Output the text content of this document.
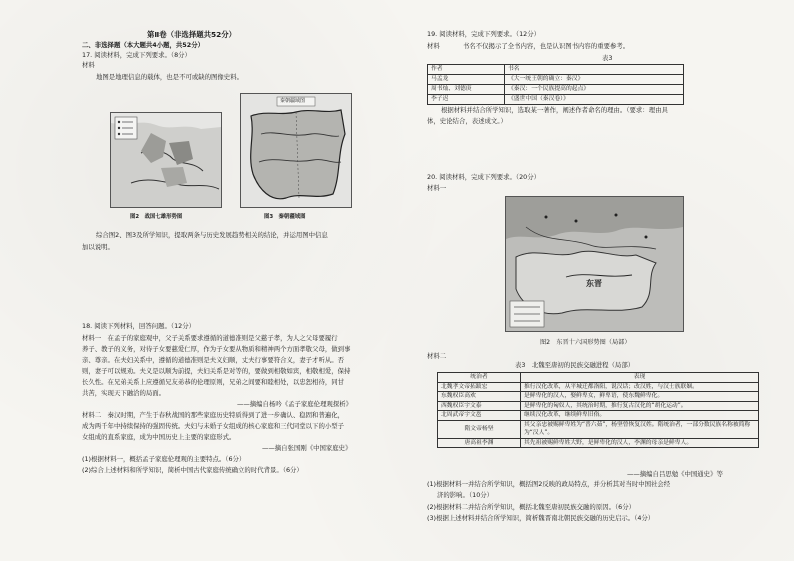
第Ⅱ卷（非选择题共52分）
二、非选择题（本大题共4小题，共52分）
17. 阅读材料，完成下列要求。（8分）
材料
地图是地理信息的载体，也是不可或缺的图像史料。
图2　战国七雄形势图
秦朝疆域图
图3　秦朝疆域图
综合图2、图3及所学知识，提取两条与历史发展趋势相关的结论，并运用图中信息
加以说明。
18. 阅读下列材料，回答问题。（12分）
材料一　在孟子的家庭观中，父子关系要求遵循的道德准则是父慈子孝，为人之父母要履行
养子、教子的义务，对待子女要慈爱仁厚，作为子女要从物质和精神两个方面孝敬父母，做到事
亲、尊亲。在夫妇关系中，遵循的道德准则是夫义妇顺，丈夫行事要符合义，妻子才听从。否
则，妻子可以规劝。夫义是以顺为前提，夫妇关系是对等的，要做到相敬如宾，相敬相爱，保持
长久性。在兄弟关系上应遵循兄友弟恭的伦理原则，兄弟之间要和睦相处，以忠恕相待，同甘
共苦，实现天下融洽的局面。
——摘编自杨吟《孟子家庭伦理观探析》
材料二　秦汉时期，产生于春秋战国的那些家庭历史特质得到了进一步确认、稳固和普遍化，
成为两千年中持续保持的强固传统。夫妇与未婚子女组成的核心家庭和三代同堂以下的小型子
女组成的直系家庭，成为中国历史上主要的家庭形式。
——摘自张国刚《中国家庭史》
(1)根据材料一，概括孟子家庭伦理观的主要特点。（6分）
(2)综合上述材料和所学知识，简析中国古代家庭传统确立的时代背景。（6分）
19. 阅读材料，完成下列要求。（12分）
材料	书名不仅揭示了全书内容，也是认识图书内容的重要参考。
表3
作者	书名
马孟龙	《大一统王朝的确立：秦汉》
周书灿、刘德庚	《秦汉：一个民族提高的起点》
李子迟	《盛世中国（秦汉卷）》
根据材料并结合所学知识，选取某一著作，阐述作者命名的理由。（要求：理由具
体，史论结合，表述成文。）
20. 阅读材料，完成下列要求。（20分）
材料一
东晋
图2　东晋十六国形势图（局部）
材料二
表3　北魏至唐初的民族交融进程（局部）
统治者	表现
北魏孝文帝拓跋宏	推行汉化改革，从平城迁都洛阳，说汉话；改汉姓，与汉士族联姻。
东魏权臣高欢	是鲜卑化的汉人，娶鲜卑女，鲜卑语，使东魏鲜卑化。
西魏权臣宇文泰	是鲜卑化的匈奴人，其统治时期，推行复古汉化的“胡化运动”。
北周武帝宇文邕	继续汉化改革，继续鲜卑旧俗。
隋文帝杨坚	其父亲忠被赐鲜卑姓为“普六茹”，杨坚曾恢复汉姓。隋统治者，一部分数民族名称被简称为“汉人”。
唐高祖李渊	其先祖被赐鲜卑姓大野，是鲜卑化的汉人，李渊的母亲是鲜卑人。
——摘编自吕思勉《中国通史》等
(1)根据材料一并结合所学知识，概括图2反映的政局特点，并分析其对当时中国社会经
济的影响。（10分）
(2)根据材料二并结合所学知识，概括北魏至唐初民族交融的原因。（6分）
(3)根据上述材料并结合所学知识，简析魏晋南北朝民族交融的历史启示。（4分）
